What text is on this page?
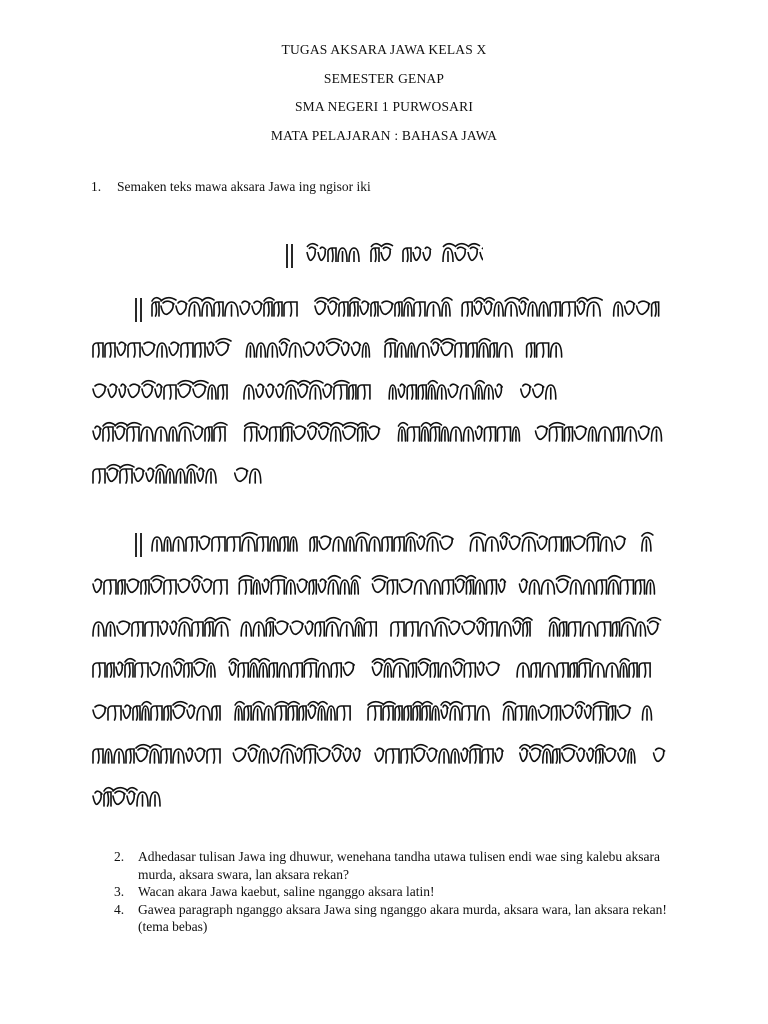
TUGAS AKSARA JAWA KELAS X
SEMESTER GENAP
SMA NEGERI 1 PURWOSARI
MATA PELAJARAN : BAHASA JAWA
1. Semaken teks mawa aksara Jawa ing ngisor iki
2.	Adhedasar tulisan Jawa ing dhuwur, wenehana tandha utawa tulisen endi wae sing kalebu aksara murda, aksara swara, lan aksara rekan?
3.	Wacan akara Jawa kaebut, saline nganggo aksara latin!
4.	Gawea paragraph nganggo aksara Jawa sing nganggo akara murda, aksara wara, lan aksara rekan! (tema bebas)
